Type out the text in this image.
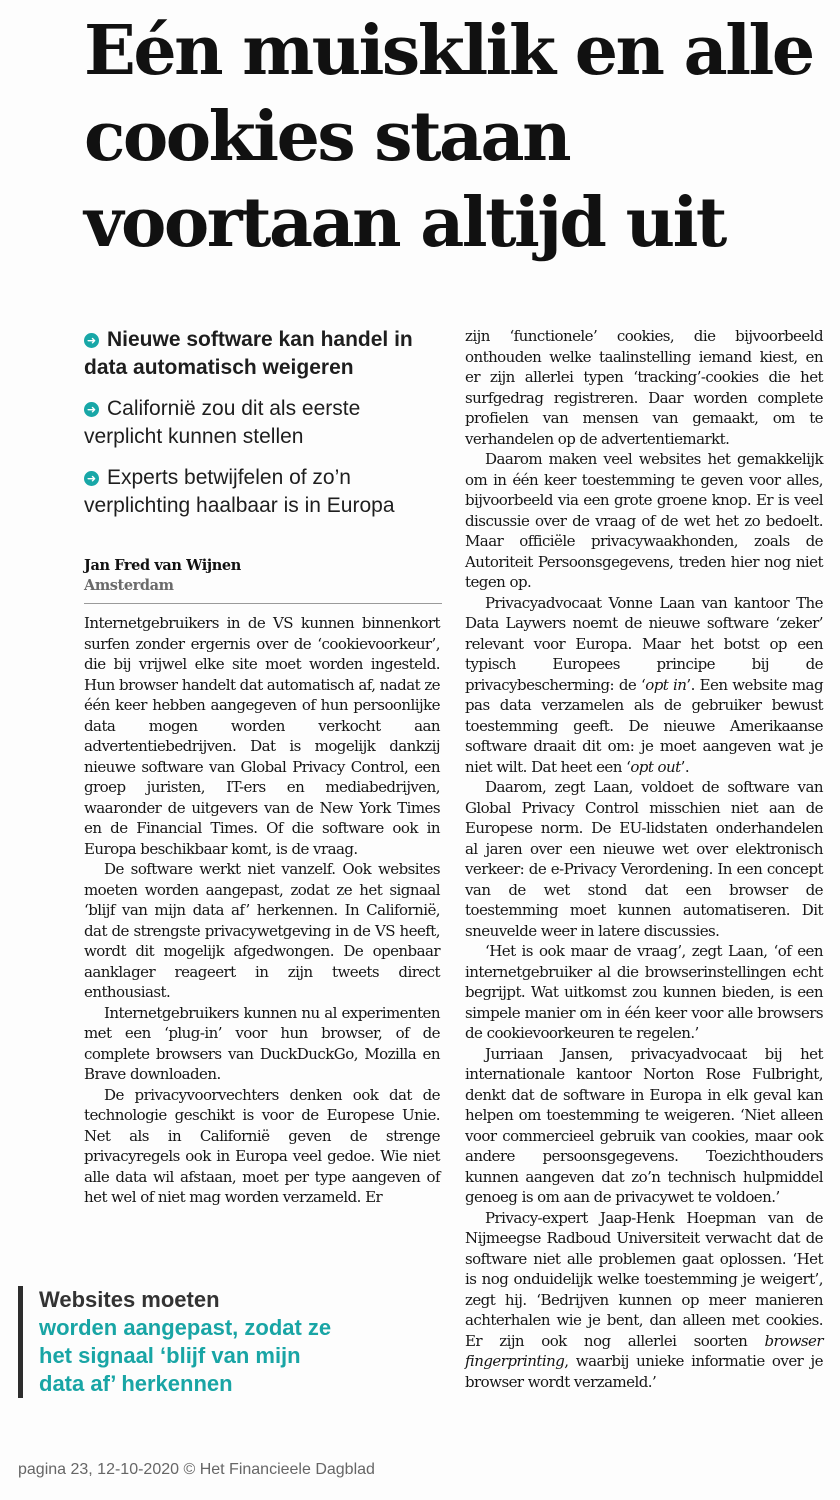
Eén muisklik en alle cookies staan voortaan altijd uit
➜ Nieuwe software kan handel in data automatisch weigeren
➜ Californië zou dit als eerste verplicht kunnen stellen
➜ Experts betwijfelen of zo’n verplichting haalbaar is in Europa
Jan Fred van Wijnen
Amsterdam

Internetgebruikers in de VS kunnen binnenkort surfen zonder ergernis over de ‘cookievoorkeur’, die bij vrijwel elke site moet worden ingesteld. Hun browser handelt dat automatisch af, nadat ze één keer hebben aangegeven of hun persoonlijke data mogen worden verkocht aan advertentiebedrijven. Dat is mogelijk dankzij nieuwe software van Global Privacy Control, een groep juristen, IT-ers en mediabedrijven, waaronder de uitgevers van de New York Times en de Financial Times. Of die software ook in Europa beschikbaar komt, is de vraag.

De software werkt niet vanzelf. Ook websites moeten worden aangepast, zodat ze het signaal ‘blijf van mijn data af’ herkennen. In Californië, dat de strengste privacywetgeving in de VS heeft, wordt dit mogelijk afgedwongen. De openbaar aanklager reageert in zijn tweets direct enthousiast.

Internetgebruikers kunnen nu al experimenten met een ‘plug-in’ voor hun browser, of de complete browsers van DuckDuckGo, Mozilla en Brave downloaden.

De privacyvoorvechters denken ook dat de technologie geschikt is voor de Europese Unie. Net als in Californië geven de strenge privacyregels ook in Europa veel gedoe. Wie niet alle data wil afstaan, moet per type aangeven of het wel of niet mag worden verzameld. Er

zijn ‘functionele’ cookies, die bijvoorbeeld onthouden welke taalinstelling iemand kiest, en er zijn allerlei typen ‘tracking’-cookies die het surfgedrag registreren. Daar worden complete profielen van mensen van gemaakt, om te verhandelen op de advertentiemarkt.

Daarom maken veel websites het gemakkelijk om in één keer toestemming te geven voor alles, bijvoorbeeld via een grote groene knop. Er is veel discussie over de vraag of de wet het zo bedoelt. Maar officiële privacywaakhonden, zoals de Autoriteit Persoonsgegevens, treden hier nog niet tegen op.

Privacyadvocaat Vonne Laan van kantoor The Data Laywers noemt de nieuwe software ‘zeker’ relevant voor Europa. Maar het botst op een typisch Europees principe bij de privacybescherming: de ‘opt in’. Een website mag pas data verzamelen als de gebruiker bewust toestemming geeft. De nieuwe Amerikaanse software draait dit om: je moet aangeven wat je niet wilt. Dat heet een ‘opt out’.

Daarom, zegt Laan, voldoet de software van Global Privacy Control misschien niet aan de Europese norm. De EU-lidstaten onderhandelen al jaren over een nieuwe wet over elektronisch verkeer: de e-Privacy Verordening. In een concept van de wet stond dat een browser de toestemming moet kunnen automatiseren. Dit sneuvelde weer in latere discussies.

‘Het is ook maar de vraag’, zegt Laan, ‘of een internetgebruiker al die browserinstellingen echt begrijpt. Wat uitkomst zou kunnen bieden, is een simpele manier om in één keer voor alle browsers de cookievoorkeuren te regelen.’

Jurriaan Jansen, privacyadvocaat bij het internationale kantoor Norton Rose Fulbright, denkt dat de software in Europa in elk geval kan helpen om toestemming te weigeren. ‘Niet alleen voor commercieel gebruik van cookies, maar ook andere persoonsgegevens. Toezichthouders kunnen aangeven dat zo’n technisch hulpmiddel genoeg is om aan de privacywet te voldoen.’

Privacy-expert Jaap-Henk Hoepman van de Nijmeegse Radboud Universiteit verwacht dat de software niet alle problemen gaat oplossen. ‘Het is nog onduidelijk welke toestemming je weigert’, zegt hij. ‘Bedrijven kunnen op meer manieren achterhalen wie je bent, dan alleen met cookies. Er zijn ook nog allerlei soorten browser fingerprinting, waarbij unieke informatie over je browser wordt verzameld.’

Websites moeten
worden aangepast, zodat ze het signaal ‘blijf van mijn data af’ herkennen
pagina 23, 12-10-2020 © Het Financieele Dagblad
